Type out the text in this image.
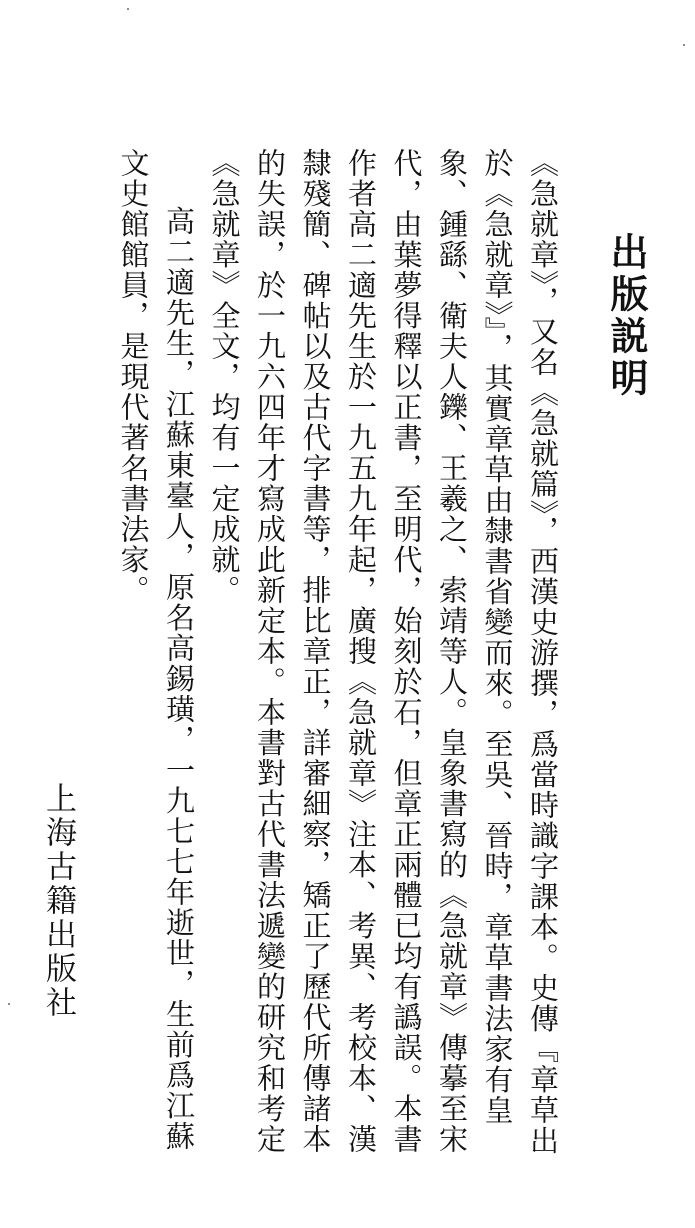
出版説明

《急就章》，又名《急就篇》，西漢史游撰，爲當時識字課本。史傳『章草出於《急就章》』，其實章草由隸書省變而來。至吳、晉時，章草書法家有皇象、鍾繇、衛夫人鑠、王羲之、索靖等人。皇象書寫的《急就章》傳摹至宋代，由葉夢得釋以正書，至明代，始刻於石，但章正兩體已均有譌誤。本書作者高二適先生於一九五九年起，廣搜《急就章》注本、考異、考校本、漢隸殘簡、碑帖以及古代字書等，排比章正，詳審細察，矯正了歷代所傳諸本的失誤，於一九六四年才寫成此新定本。本書對古代書法遞變的研究和考定《急就章》全文，均有一定成就。

高二適先生，江蘇東臺人，原名高錫璜，一九七七年逝世，生前爲江蘇文史館館員，是現代著名書法家。

上海古籍出版社
